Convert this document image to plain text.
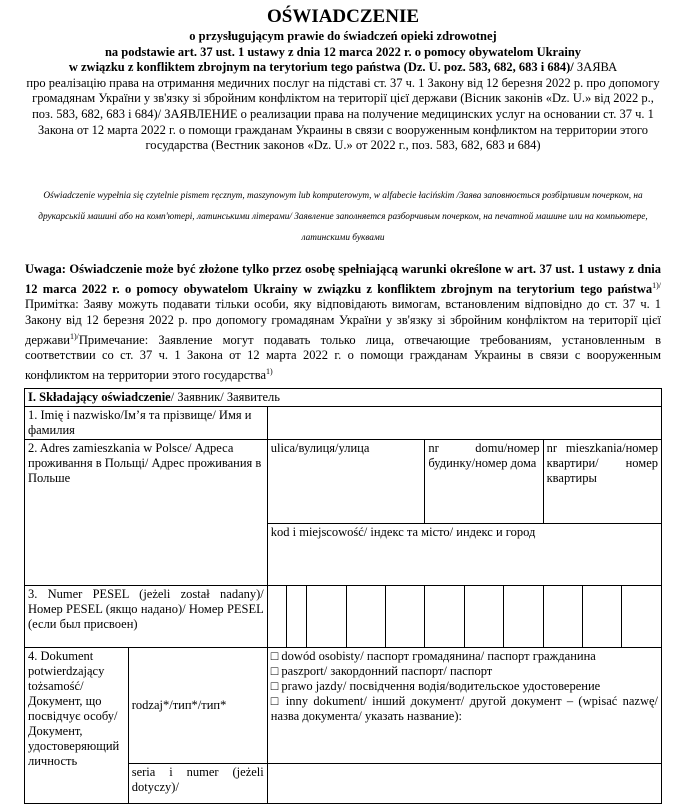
OŚWIADCZENIE
o przysługującym prawie do świadczeń opieki zdrowotnej
na podstawie art. 37 ust. 1 ustawy z dnia 12 marca 2022 r. o pomocy obywatelom Ukrainy
w związku z konfliktem zbrojnym na terytorium tego państwa (Dz. U. poz. 583, 682, 683 i 684)/ ЗАЯВА
про реалізацію права на отримання медичних послуг на підставі ст. 37 ч. 1 Закону від 12 березня 2022 р. про допомогу громадянам України у зв'язку зі збройним конфліктом на території цієї держави (Вісник законів «Dz. U.» від 2022 р., поз. 583, 682, 683 і 684)/ ЗАЯВЛЕНИЕ о реализации права на получение медицинских услуг на основании ст. 37 ч. 1 Закона от 12 марта 2022 г. о помощи гражданам Украины в связи с вооруженным конфликтом на территории этого государства (Вестник законов «Dz. U.» от 2022 г., поз. 583, 682, 683 и 684)
Oświadczenie wypełnia się czytelnie pismem ręcznym, maszynowym lub komputerowym, w alfabecie łacińskim /Заява заповнюється розбірливим почерком, на друкарській машині або на комп'ютері, латинськими літерами/ Заявление заполняется разборчивым почерком, на печатной машине или на компьютере, латинскими буквами
Uwaga: Oświadczenie może być złożone tylko przez osobę spełniającą warunki określone w art. 37 ust. 1 ustawy z dnia 12 marca 2022 r. o pomocy obywatelom Ukrainy w związku z konfliktem zbrojnym na terytorium tego państwa$^{1)/}$ Примітка: Заяву можуть подавати тільки особи, яку відповідають вимогам, встановленим відповідно до ст. 37 ч. 1 Закону від 12 березня 2022 р. про допомогу громадянам України у зв'язку зі збройним конфліктом на території цієї держави$^{1)/}$Примечание: Заявление могут подавать только лица, отвечающие требованиям, установленным в соответствии со ст. 37 ч. 1 Закона от 12 марта 2022 г. о помощи гражданам Украины в связи с вооруженным конфликтом на территории этого государства$^{1)}$
I. Składający oświadczenie/ Заявник/ Заявитель												
1. Imię i nazwisko/Ім’я та прізвище/ Имя и фамилия												
2. Adres zamieszkania w Polsce/ Адреса проживання в Польщі/ Адрес проживания в Польше		ulica/вулиця/улица					nr domu/номер будинку/номер дома			nr mieszkania/номер квартири/ номер квартиры		
		kod i miejscowość/ індекс та місто/ индекс и город										
3. Numer PESEL (jeżeli został nadany)/ Номер PESEL (якщо надано)/ Номер PESEL (если был присвоен)												
4. Dokument potwierdzający tożsamość/ Документ, що посвідчує особу/ Документ, удостоверяющий личность	rodzaj*/тип*/тип*	□ dowód osobisty/ паспорт громадянина/ паспорт гражданина
□ paszport/ закордонний паспорт/ паспорт
□ prawo jazdy/ посвідчення водія/водительское удостоверение
□ inny dokument/ інший документ/ другой документ – (wpisać nazwę/ назва документа/ указать название):										

	seria i numer (jeżeli dotyczy)/											
